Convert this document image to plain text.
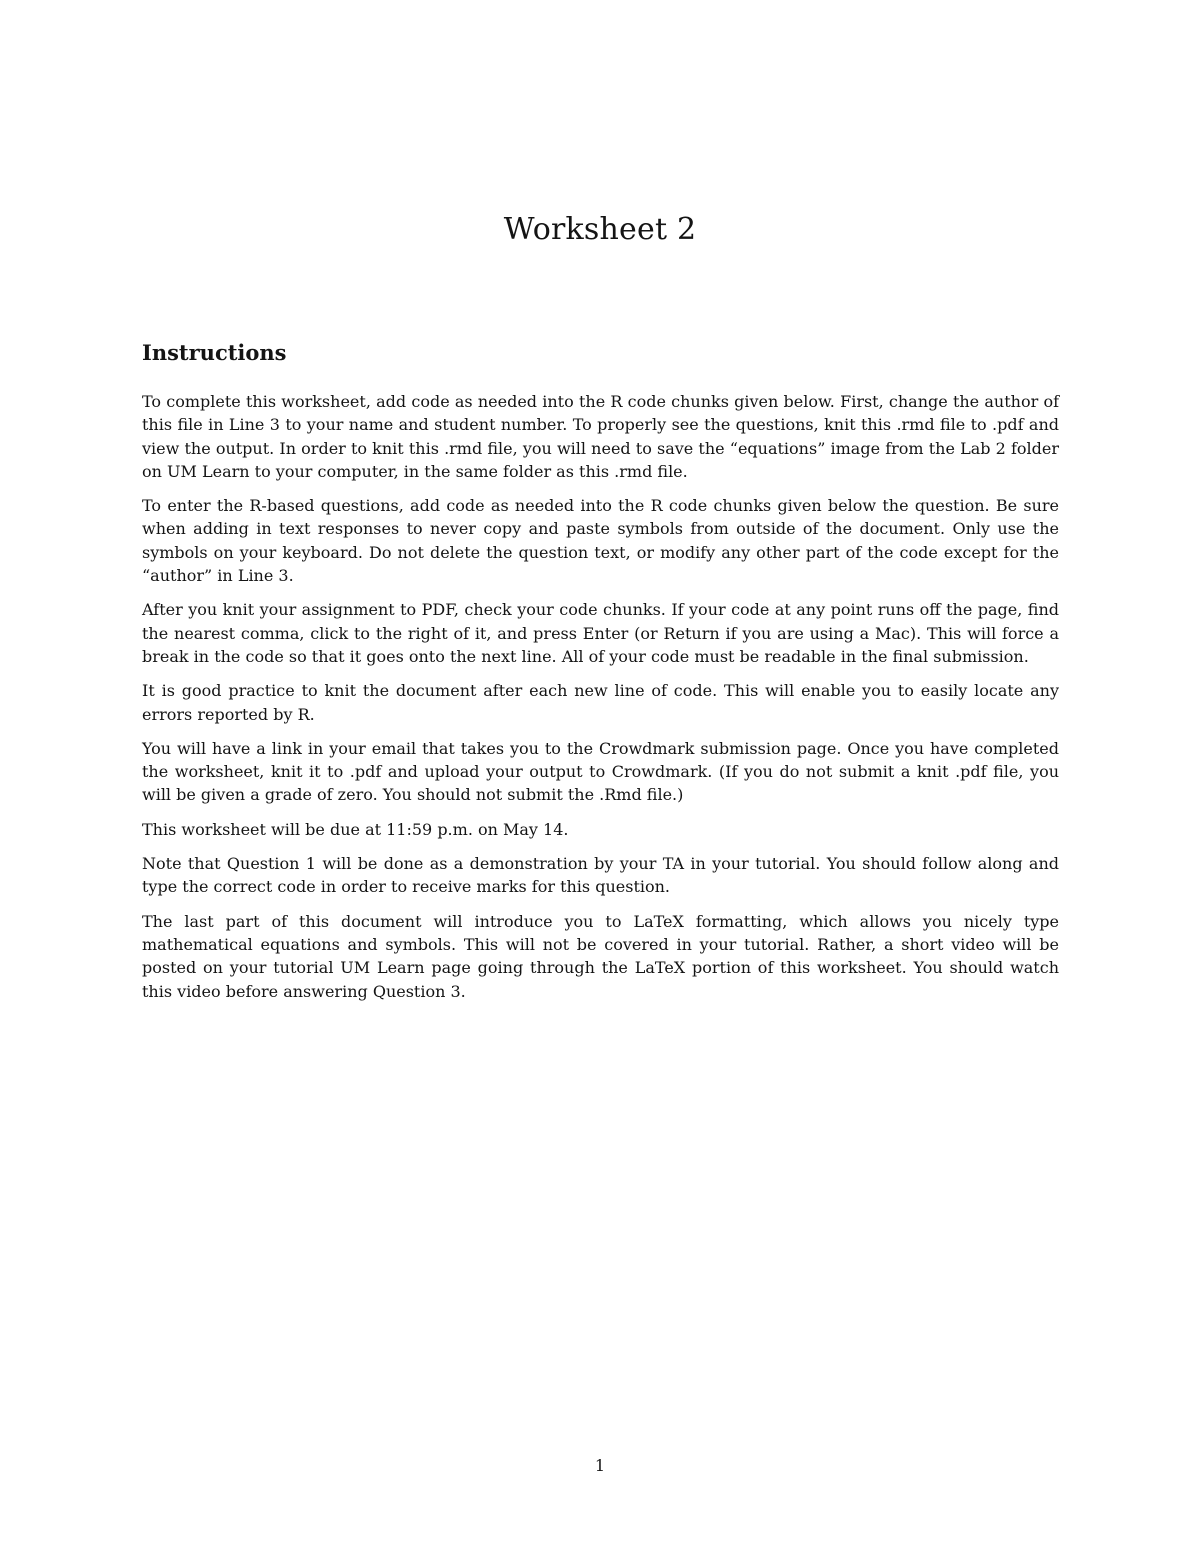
Worksheet 2
Instructions

To complete this worksheet, add code as needed into the R code chunks given below. First, change the author of this file in Line 3 to your name and student number. To properly see the questions, knit this .rmd file to .pdf and view the output. In order to knit this .rmd file, you will need to save the “equations” image from the Lab 2 folder on UM Learn to your computer, in the same folder as this .rmd file.

To enter the R-based questions, add code as needed into the R code chunks given below the question. Be sure when adding in text responses to never copy and paste symbols from outside of the document. Only use the symbols on your keyboard. Do not delete the question text, or modify any other part of the code except for the “author” in Line 3.

After you knit your assignment to PDF, check your code chunks. If your code at any point runs off the page, find the nearest comma, click to the right of it, and press Enter (or Return if you are using a Mac). This will force a break in the code so that it goes onto the next line. All of your code must be readable in the final submission.

It is good practice to knit the document after each new line of code. This will enable you to easily locate any errors reported by R.

You will have a link in your email that takes you to the Crowdmark submission page. Once you have completed the worksheet, knit it to .pdf and upload your output to Crowdmark. (If you do not submit a knit .pdf file, you will be given a grade of zero. You should not submit the .Rmd file.)

This worksheet will be due at 11:59 p.m. on May 14.

Note that Question 1 will be done as a demonstration by your TA in your tutorial. You should follow along and type the correct code in order to receive marks for this question.

The last part of this document will introduce you to LaTeX formatting, which allows you nicely type mathematical equations and symbols. This will not be covered in your tutorial. Rather, a short video will be posted on your tutorial UM Learn page going through the LaTeX portion of this worksheet. You should watch this video before answering Question 3.

1
